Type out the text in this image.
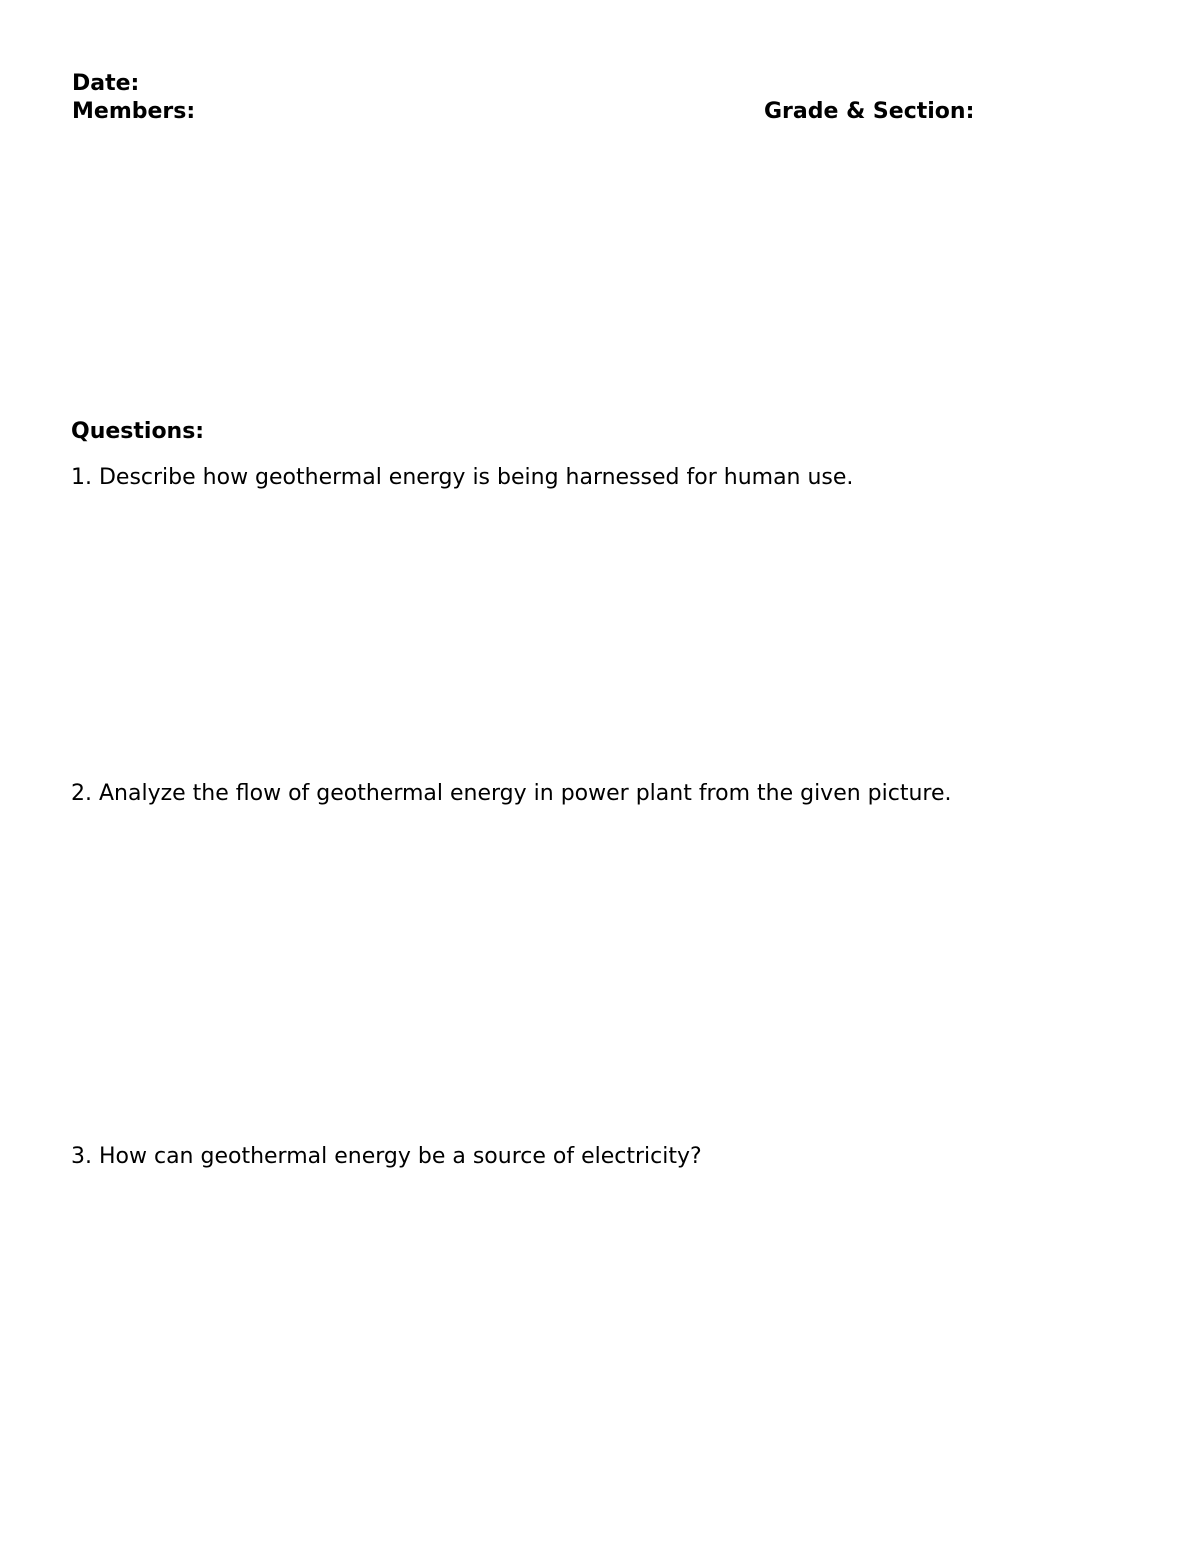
Date:
Members:	Grade & Section:
Questions:
1. Describe how geothermal energy is being harnessed for human use.
2. Analyze the flow of geothermal energy in power plant from the given picture.
3. How can geothermal energy be a source of electricity?
